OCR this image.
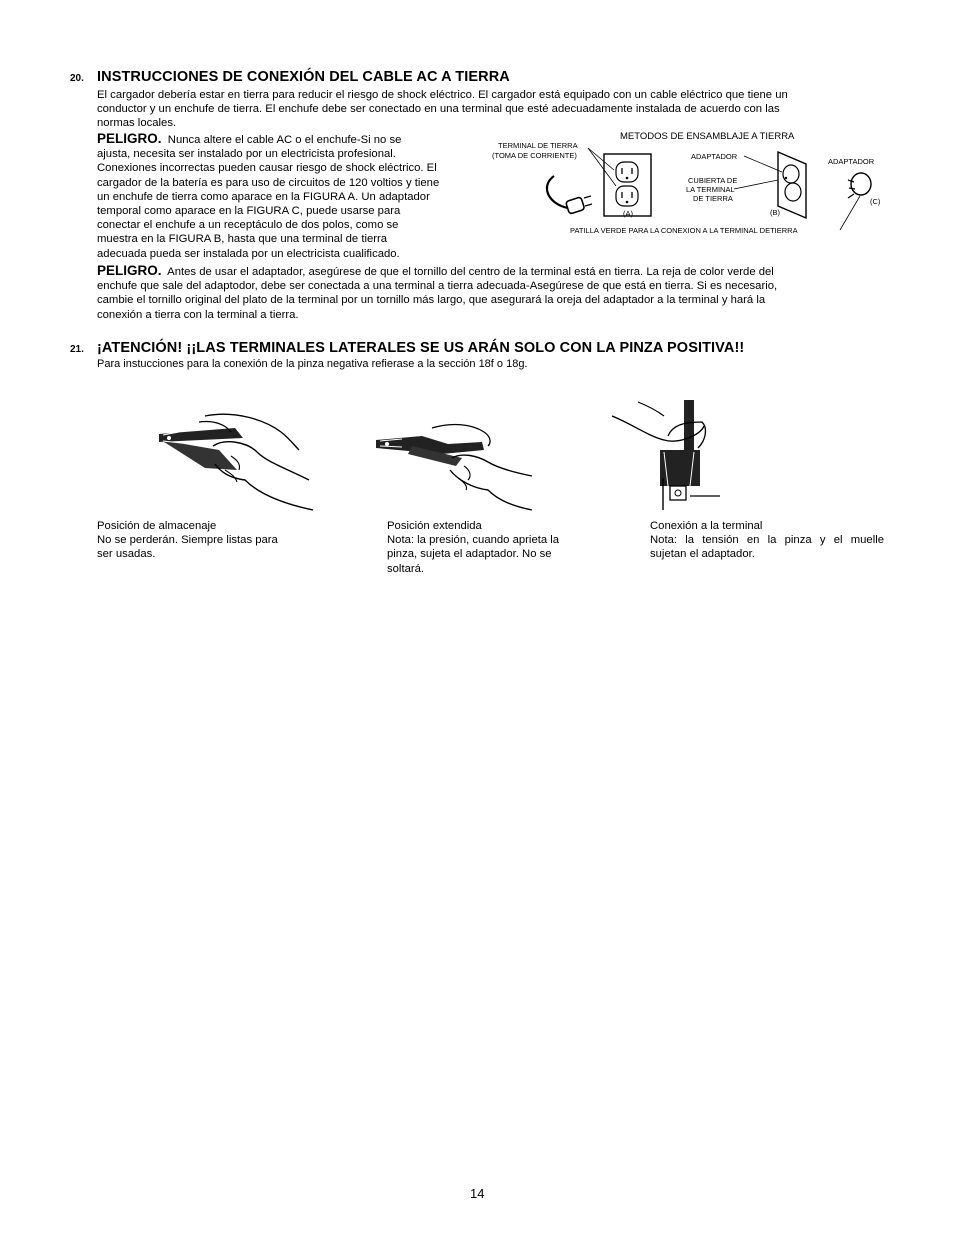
20. INSTRUCCIONES DE CONEXIÓN DEL CABLE AC A TIERRA
El cargador debería estar en tierra para reducir el riesgo de shock eléctrico. El cargador está equipado con un cable eléctrico que tiene un
conductor y un enchufe de tierra. El enchufe debe ser conectado en una terminal que esté adecuadamente instalada de acuerdo con las
normas locales.
PELIGRO. Nunca altere el cable AC o el enchufe-Si no se
ajusta, necesita ser instalado por un electricista profesional.
Conexiones incorrectas pueden causar riesgo de shock eléctrico. El
cargador de la batería es para uso de circuitos de 120 voltios y tiene
un enchufe de tierra como aparace en la FIGURA A. Un adaptador
temporal como aparace en la FIGURA C, puede usarse para
conectar el enchufe a un receptáculo de dos polos, como se
muestra en la FIGURA B, hasta que una terminal de tierra
adecuada pueda ser instalada por un electricista cualificado.
METODOS DE ENSAMBLAJE A TIERRA
TERMINAL DE TIERRA
(TOMA DE CORRIENTE)
(A)
ADAPTADOR
CUBIERTA DE
LA TERMINAL
DE TIERRA
(B)
ADAPTADOR
(C)
PATILLA VERDE PARA LA CONEXION A LA TERMINAL DETIERRA
PELIGRO. Antes de usar el adaptador, asegúrese de que el tornillo del centro de la terminal está en tierra. La reja de color verde del
enchufe que sale del adaptodor, debe ser conectada a una terminal a tierra adecuada-Asegúrese de que está en tierra. Si es necesario,
cambie el tornillo original del plato de la terminal por un tornillo más largo, que asegurará la oreja del adaptador a la terminal y hará la
conexión a tierra con la terminal a tierra.
21. ¡ATENCIÓN! ¡¡LAS TERMINALES LATERALES SE US ARÁN SOLO CON LA PINZA POSITIVA!!
Para instucciones para la conexión de la pinza negativa refierase a la sección 18f o 18g.
Posición de almacenaje
No se perderán. Siempre listas para
ser usadas.
Posición extendida
Nota: la presión, cuando aprieta la
pinza, sujeta el adaptador. No se
soltará.
Conexión a la terminal
Nota: la tensión en la pinza y el muelle
sujetan el adaptador.
14
